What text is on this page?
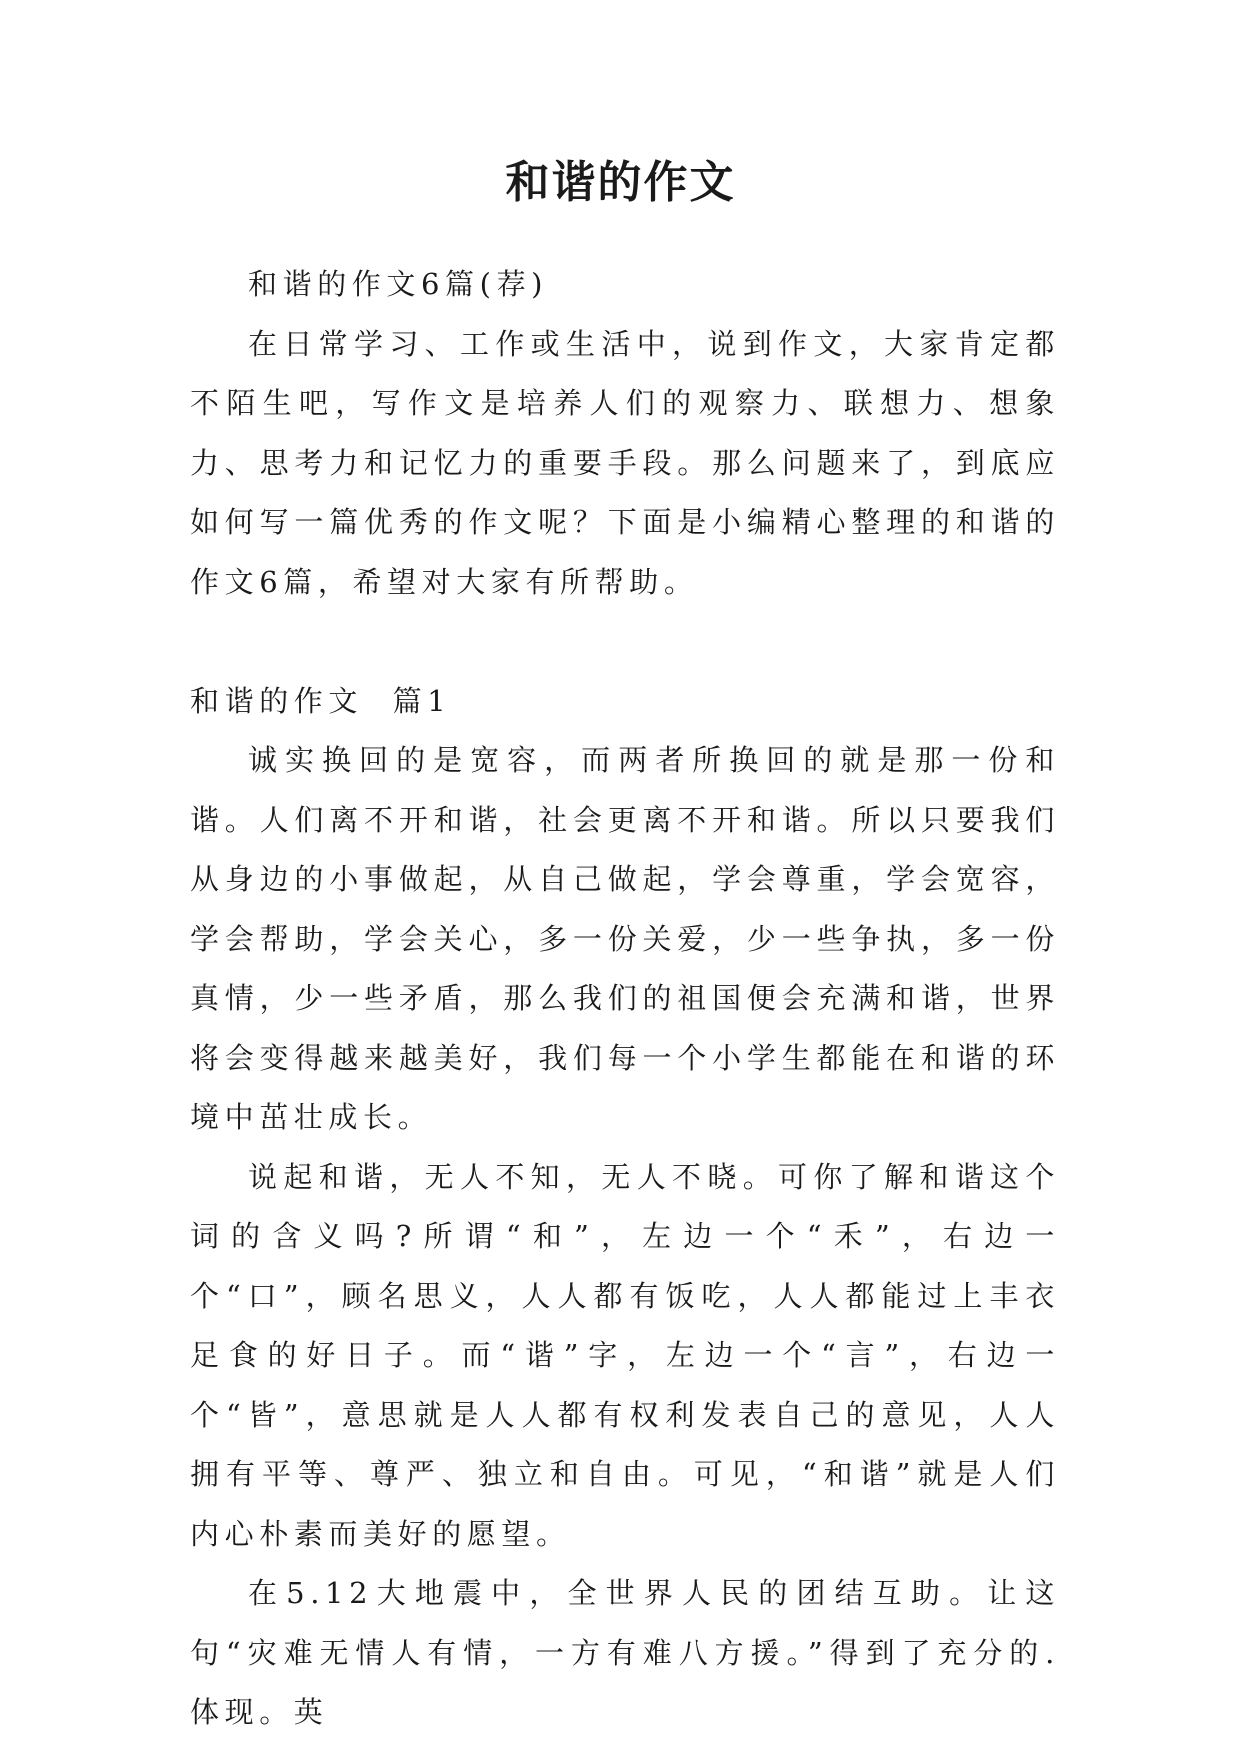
和谐的作文

和谐的作文6篇(荐)

在日常学习、工作或生活中，说到作文，大家肯定都不陌生吧，写作文是培养人们的观察力、联想力、想象力、思考力和记忆力的重要手段。那么问题来了，到底应如何写一篇优秀的作文呢？下面是小编精心整理的和谐的作文6篇，希望对大家有所帮助。

和谐的作文  篇1

诚实换回的是宽容，而两者所换回的就是那一份和谐。人们离不开和谐，社会更离不开和谐。所以只要我们从身边的小事做起，从自己做起，学会尊重，学会宽容，学会帮助，学会关心，多一份关爱，少一些争执，多一份真情，少一些矛盾，那么我们的祖国便会充满和谐，世界将会变得越来越美好，我们每一个小学生都能在和谐的环境中茁壮成长。

说起和谐，无人不知，无人不晓。可你了解和谐这个词的含义吗?所谓“和”，左边一个“禾”，右边一个“口”，顾名思义，人人都有饭吃，人人都能过上丰衣足食的好日子。而“谐”字，左边一个“言”，右边一个“皆”，意思就是人人都有权利发表自己的意见，人人拥有平等、尊严、独立和自由。可见，“和谐”就是人们内心朴素而美好的愿望。

在5.12大地震中，全世界人民的团结互助。让这句“灾难无情人有情，一方有难八方援。”得到了充分的.体现。英
